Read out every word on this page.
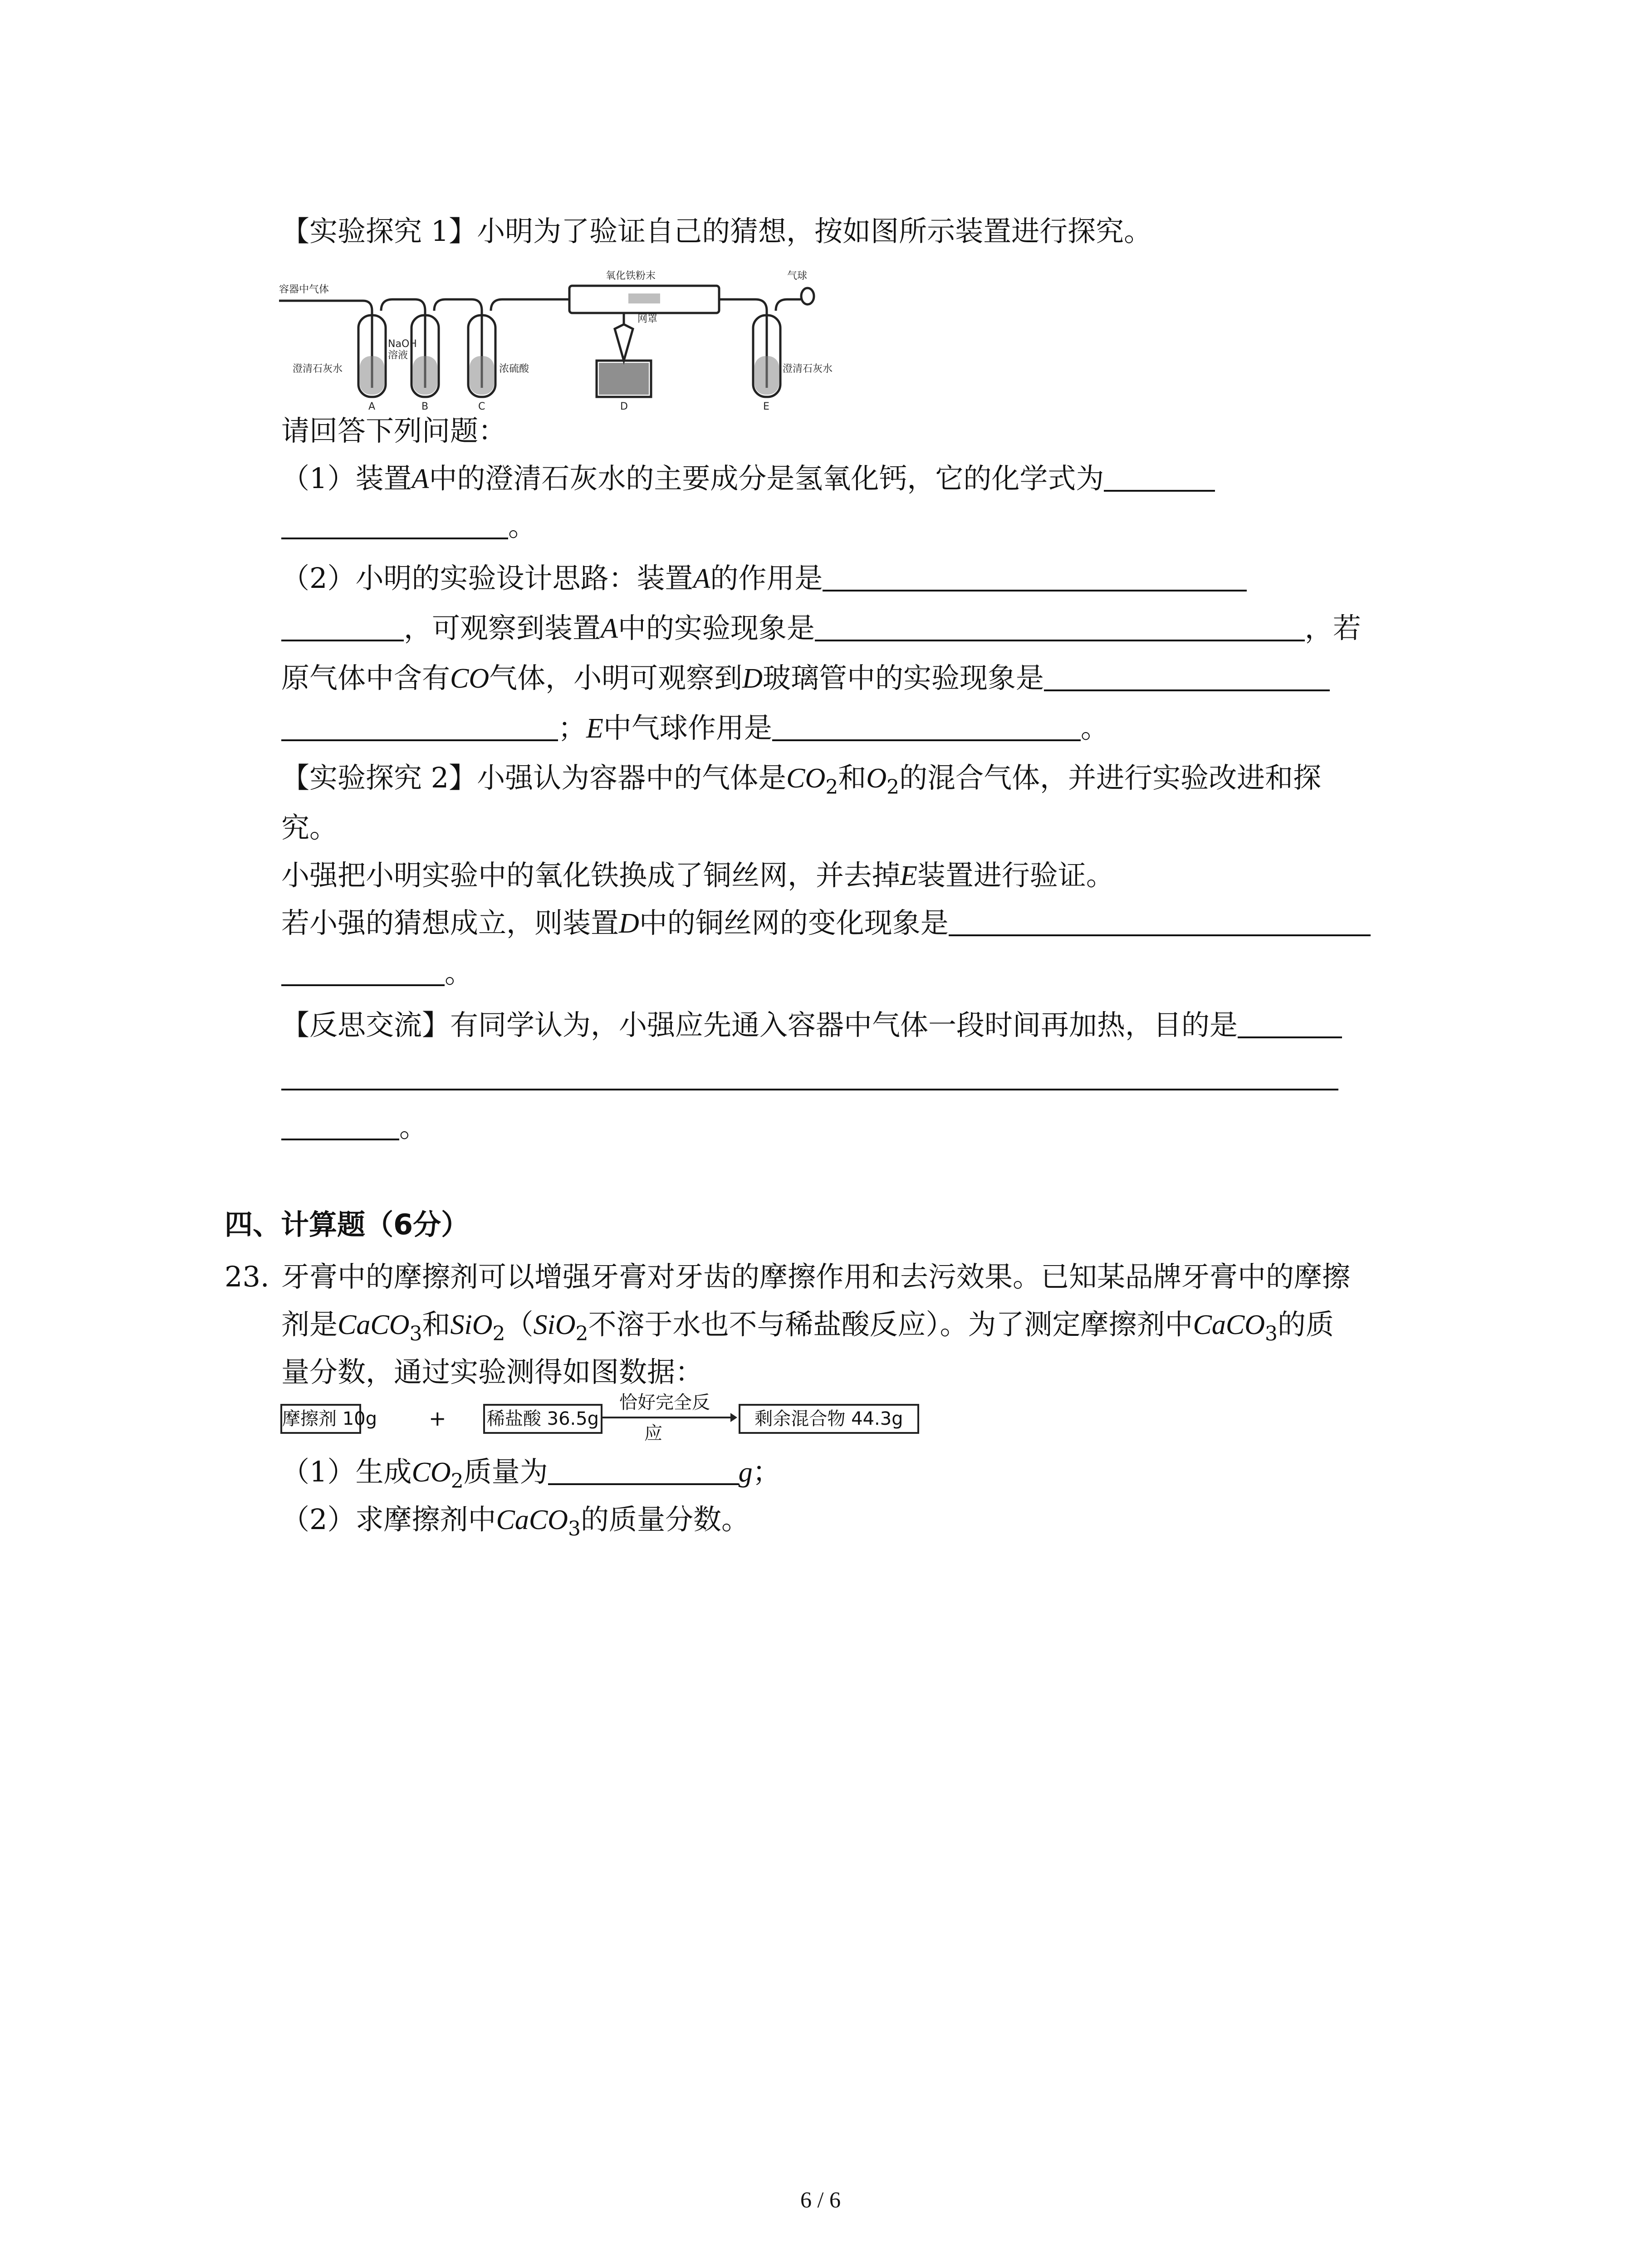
【实验探究 1】小明为了验证自己的猜想，按如图所示装置进行探究。
容器中气体
氧化铁粉末	气球
网罩
NaOH
溶液
澄清石灰水	浓硫酸	澄清石灰水
A	B	C	D	E
请回答下列问题：
（1）装置A中的澄清石灰水的主要成分是氢氧化钙，它的化学式为
。
（2）小明的实验设计思路：装置A的作用是
，可观察到装置A中的实验现象是	，若
原气体中含有CO气体，小明可观察到D玻璃管中的实验现象是
；E中气球作用是	。
【实验探究 2】小强认为容器中的气体是$CO_2$和$O_2$的混合气体，并进行实验改进和探
究。
小强把小明实验中的氧化铁换成了铜丝网，并去掉E装置进行验证。
若小强的猜想成立，则装置D中的铜丝网的变化现象是
。
【反思交流】有同学认为，小强应先通入容器中气体一段时间再加热，目的是
。
四、计算题（6分）
23. 牙膏中的摩擦剂可以增强牙膏对牙齿的摩擦作用和去污效果。已知某品牌牙膏中的摩擦
剂是CaCO$_3$和SiO$_2$（SiO$_2$不溶于水也不与稀盐酸反应）。为了测定摩擦剂中CaCO$_3$的质
量分数，通过实验测得如图数据：
摩擦剂 10g + 稀盐酸 36.5g
恰好完全反
应
剩余混合物 44.3g
（1）生成$CO_2$质量为	g；
（2）求摩擦剂中CaCO$_3$的质量分数。
6 / 6
